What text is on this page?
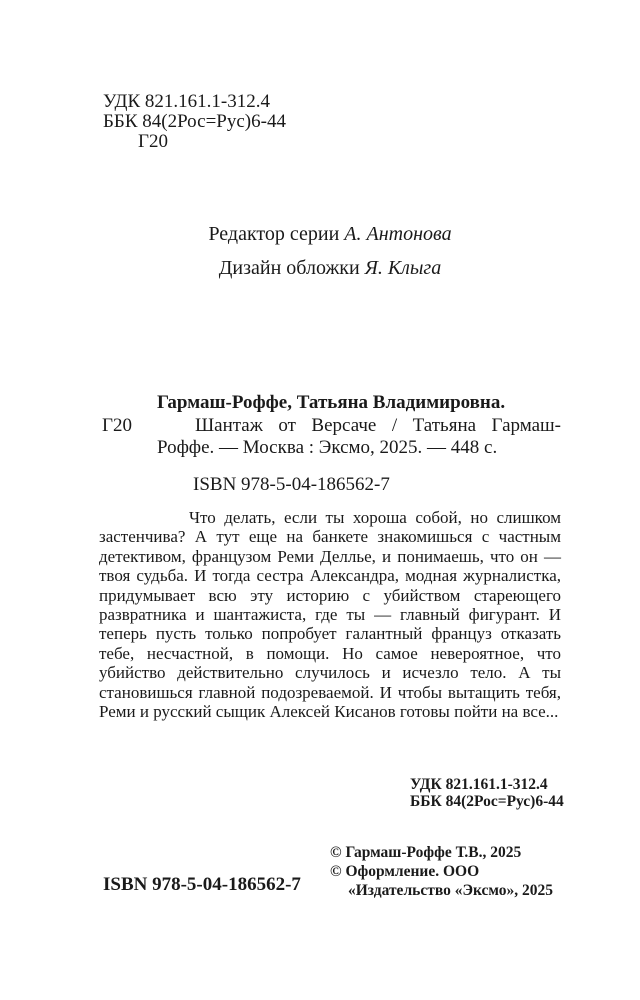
УДК 821.161.1-312.4
ББК 84(2Рос=Рус)6-44
Г20
Редактор серии А. Антонова
Дизайн обложки Я. Клыга
Гармаш-Роффе, Татьяна Владимировна.
Г20	Шантаж от Версаче / Татьяна Гармаш-Роффе. — Москва : Эксмо, 2025. — 448 с.
ISBN 978-5-04-186562-7
Что делать, если ты хороша собой, но слишком застенчива? А тут еще на банкете знакомишься с частным детективом, французом Реми Деллье, и понимаешь, что он — твоя судьба. И тогда сестра Александра, модная журналистка, придумывает всю эту историю с убийством стареющего развратника и шантажиста, где ты — главный фигурант. И теперь пусть только попробует галантный француз отказать тебе, несчастной, в помощи. Но самое невероятное, что убийство действительно случилось и исчезло тело. А ты становишься главной подозреваемой. И чтобы вытащить тебя, Реми и русский сыщик Алексей Кисанов готовы пойти на все...
УДК 821.161.1-312.4
ББК 84(2Рос=Рус)6-44
© Гармаш-Роффе Т.В., 2025
© Оформление. ООО «Издательство «Эксмо», 2025
ISBN 978-5-04-186562-7
